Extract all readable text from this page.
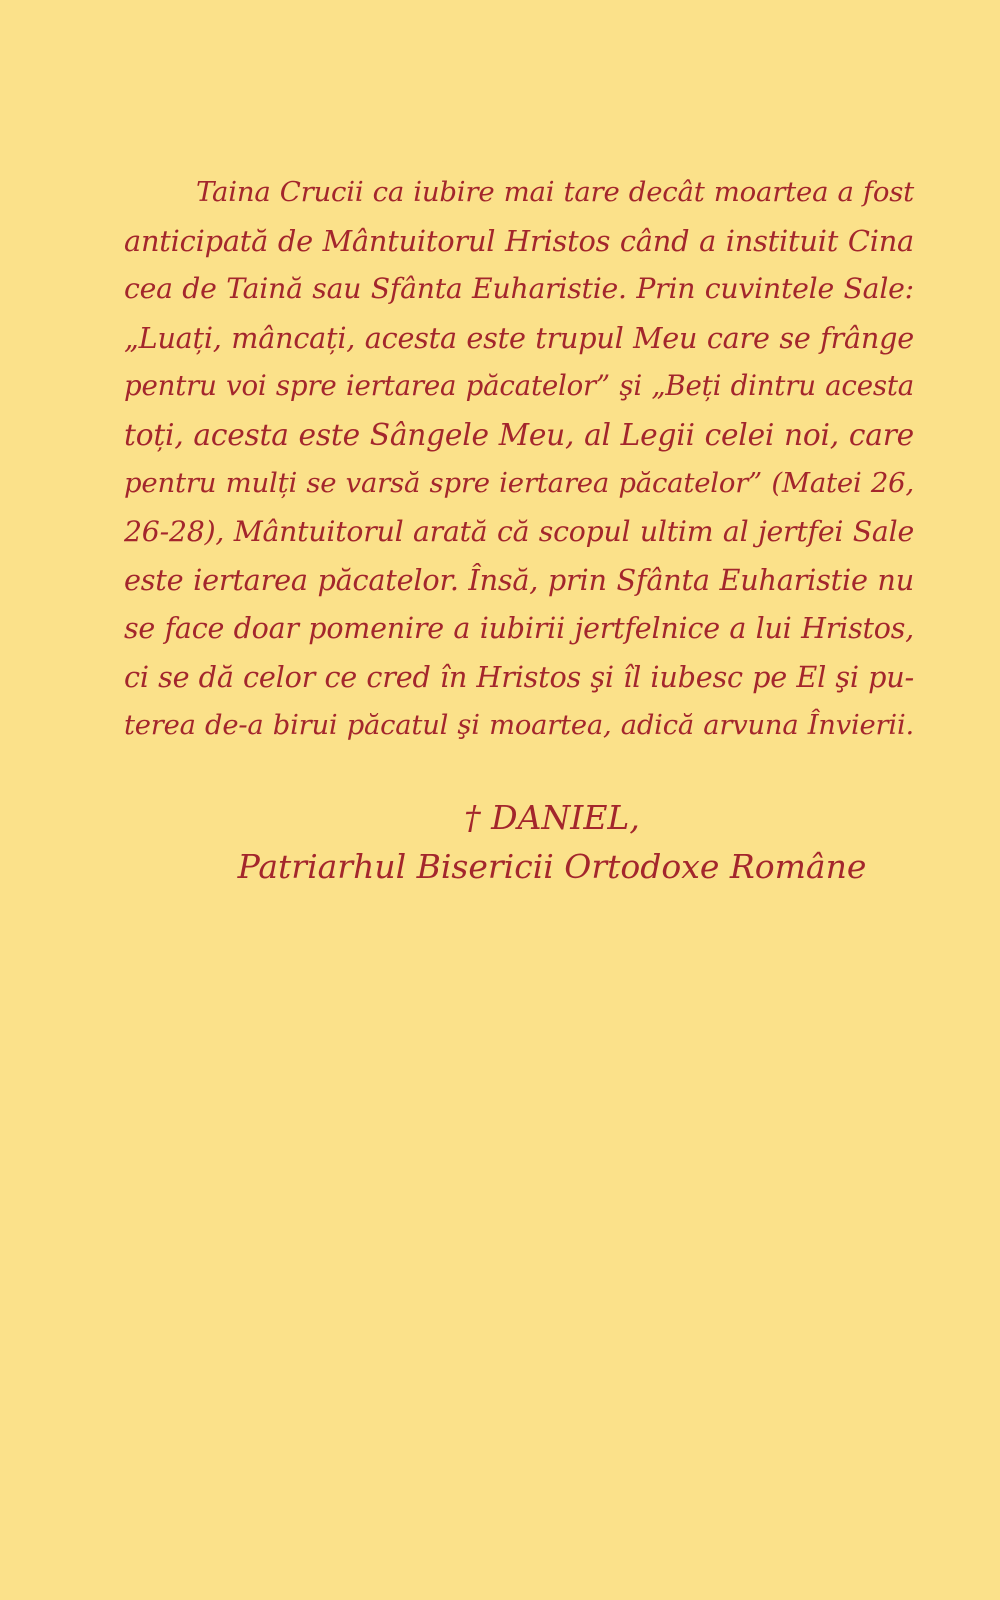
Taina Crucii ca iubire mai tare decât moartea a fost
anticipată de Mântuitorul Hristos când a instituit Cina
cea de Taină sau Sfânta Euharistie. Prin cuvintele Sale:
„Luați, mâncați, acesta este trupul Meu care se frânge
pentru voi spre iertarea păcatelor” şi „Beți dintru acesta
toți, acesta este Sângele Meu, al Legii celei noi, care
pentru mulți se varsă spre iertarea păcatelor” (Matei 26,
26-28), Mântuitorul arată că scopul ultim al jertfei Sale
este iertarea păcatelor. Însă, prin Sfânta Euharistie nu
se face doar pomenire a iubirii jertfelnice a lui Hristos,
ci se dă celor ce cred în Hristos şi îl iubesc pe El şi pu-
terea de-a birui păcatul şi moartea, adică arvuna Învierii.
† DANIEL,
Patriarhul Bisericii Ortodoxe Române
